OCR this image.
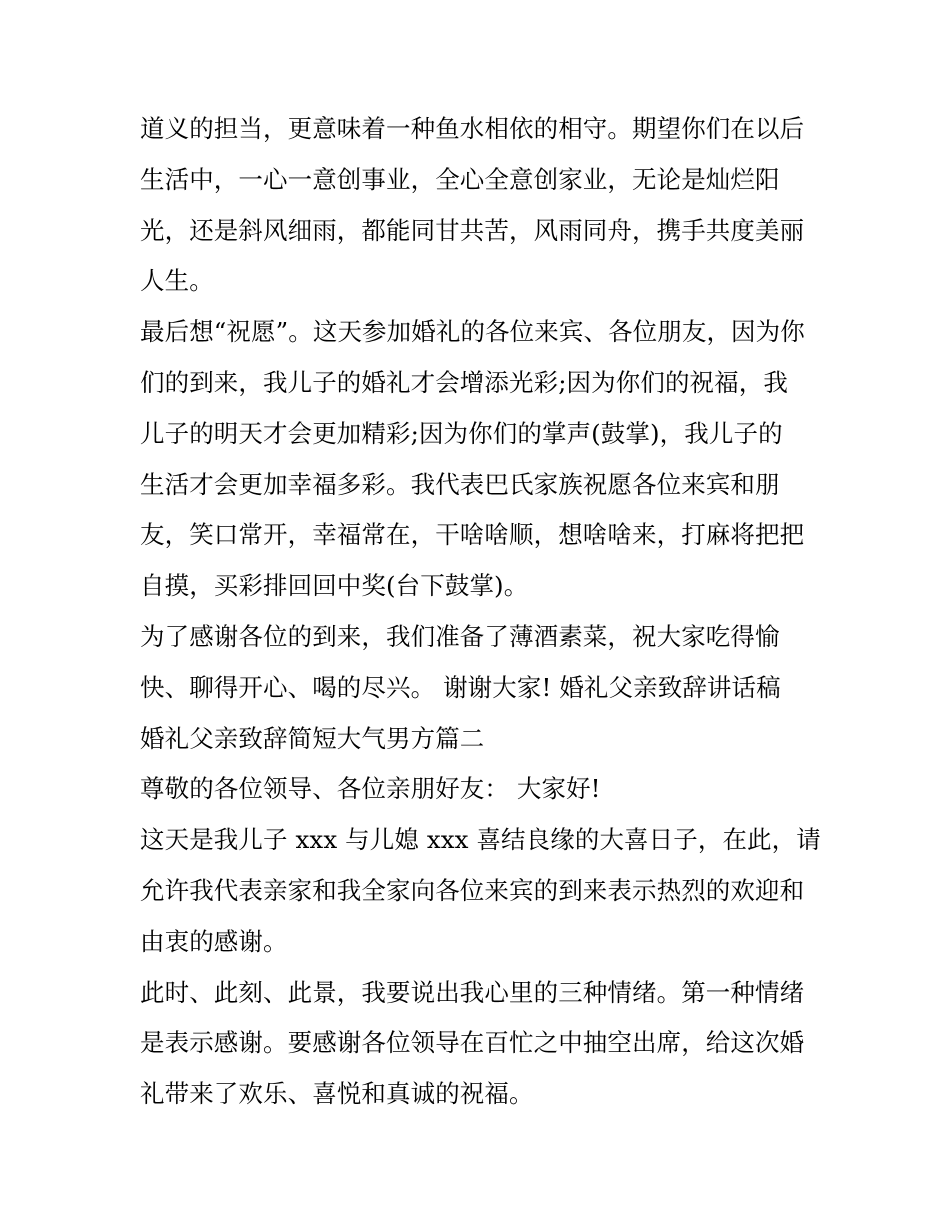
道义的担当，更意味着一种鱼水相依的相守。期望你们在以后
生活中，一心一意创事业，全心全意创家业，无论是灿烂阳
光，还是斜风细雨，都能同甘共苦，风雨同舟，携手共度美丽
人生。
最后想“祝愿”。这天参加婚礼的各位来宾、各位朋友，因为你
们的到来，我儿子的婚礼才会增添光彩;因为你们的祝福，我
儿子的明天才会更加精彩;因为你们的掌声(鼓掌)，我儿子的
生活才会更加幸福多彩。我代表巴氏家族祝愿各位来宾和朋
友，笑口常开，幸福常在，干啥啥顺，想啥啥来，打麻将把把
自摸，买彩排回回中奖(台下鼓掌)。
为了感谢各位的到来，我们准备了薄酒素菜，祝大家吃得愉
快、聊得开心、喝的尽兴。 谢谢大家! 婚礼父亲致辞讲话稿
婚礼父亲致辞简短大气男方篇二
尊敬的各位领导、各位亲朋好友： 大家好!
这天是我儿子 xxx 与儿媳 xxx 喜结良缘的大喜日子，在此，请
允许我代表亲家和我全家向各位来宾的到来表示热烈的欢迎和
由衷的感谢。
此时、此刻、此景，我要说出我心里的三种情绪。第一种情绪
是表示感谢。要感谢各位领导在百忙之中抽空出席，给这次婚
礼带来了欢乐、喜悦和真诚的祝福。
